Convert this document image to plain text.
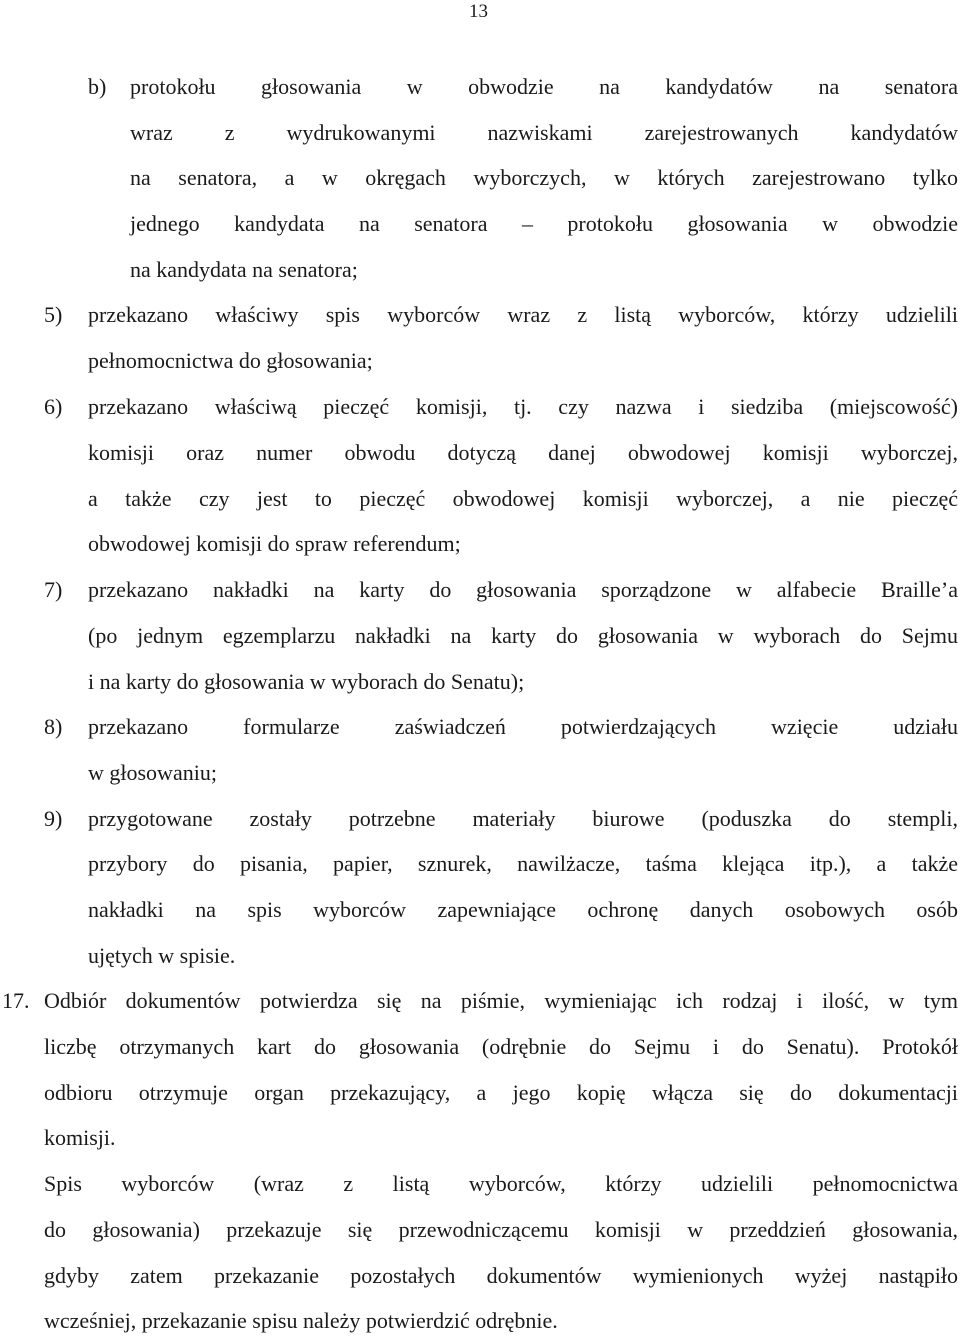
13
b) protokołu głosowania w obwodzie na kandydatów na senatora
wraz z wydrukowanymi nazwiskami zarejestrowanych kandydatów
na senatora, a w okręgach wyborczych, w których zarejestrowano tylko
jednego kandydata na senatora – protokołu głosowania w obwodzie
na kandydata na senatora;
5) przekazano właściwy spis wyborców wraz z listą wyborców, którzy udzielili
pełnomocnictwa do głosowania;
6) przekazano właściwą pieczęć komisji, tj. czy nazwa i siedziba (miejscowość)
komisji oraz numer obwodu dotyczą danej obwodowej komisji wyborczej,
a także czy jest to pieczęć obwodowej komisji wyborczej, a nie pieczęć
obwodowej komisji do spraw referendum;
7) przekazano nakładki na karty do głosowania sporządzone w alfabecie Braille’a
(po jednym egzemplarzu nakładki na karty do głosowania w wyborach do Sejmu
i na karty do głosowania w wyborach do Senatu);
8) przekazano formularze zaświadczeń potwierdzających wzięcie udziału
w głosowaniu;
9) przygotowane zostały potrzebne materiały biurowe (poduszka do stempli,
przybory do pisania, papier, sznurek, nawilżacze, taśma klejąca itp.), a także
nakładki na spis wyborców zapewniające ochronę danych osobowych osób
ujętych w spisie.
17. Odbiór dokumentów potwierdza się na piśmie, wymieniając ich rodzaj i ilość, w tym
liczbę otrzymanych kart do głosowania (odrębnie do Sejmu i do Senatu). Protokół
odbioru otrzymuje organ przekazujący, a jego kopię włącza się do dokumentacji
komisji.
Spis wyborców (wraz z listą wyborców, którzy udzielili pełnomocnictwa
do głosowania) przekazuje się przewodniczącemu komisji w przeddzień głosowania,
gdyby zatem przekazanie pozostałych dokumentów wymienionych wyżej nastąpiło
wcześniej, przekazanie spisu należy potwierdzić odrębnie.
